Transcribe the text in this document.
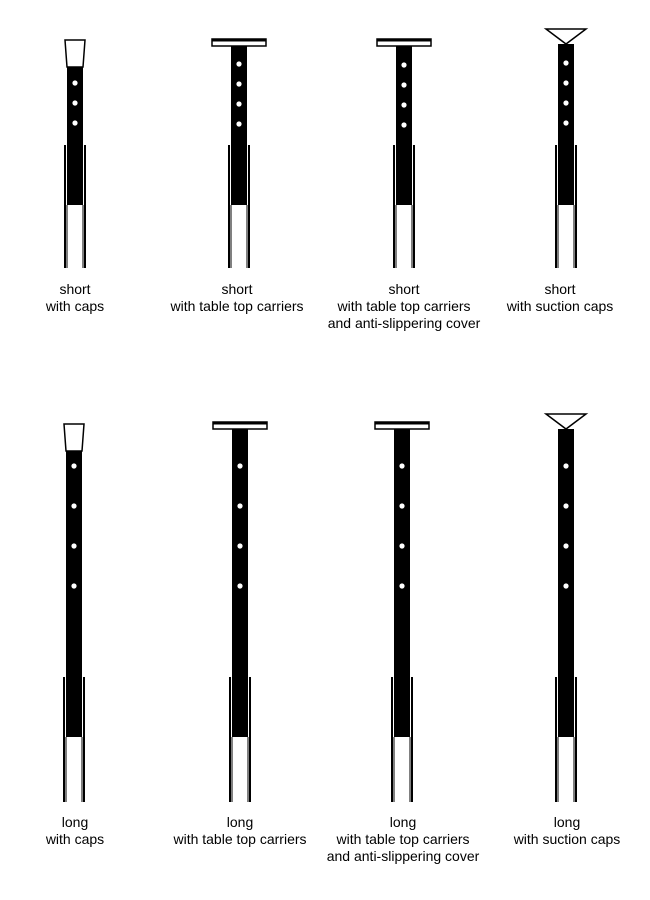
short
with caps
short
with table top carriers
short
with table top carriers
and anti-slippering cover
short
with suction caps
long
with caps
long
with table top carriers
long
with table top carriers
and anti-slippering cover
long
with suction caps
